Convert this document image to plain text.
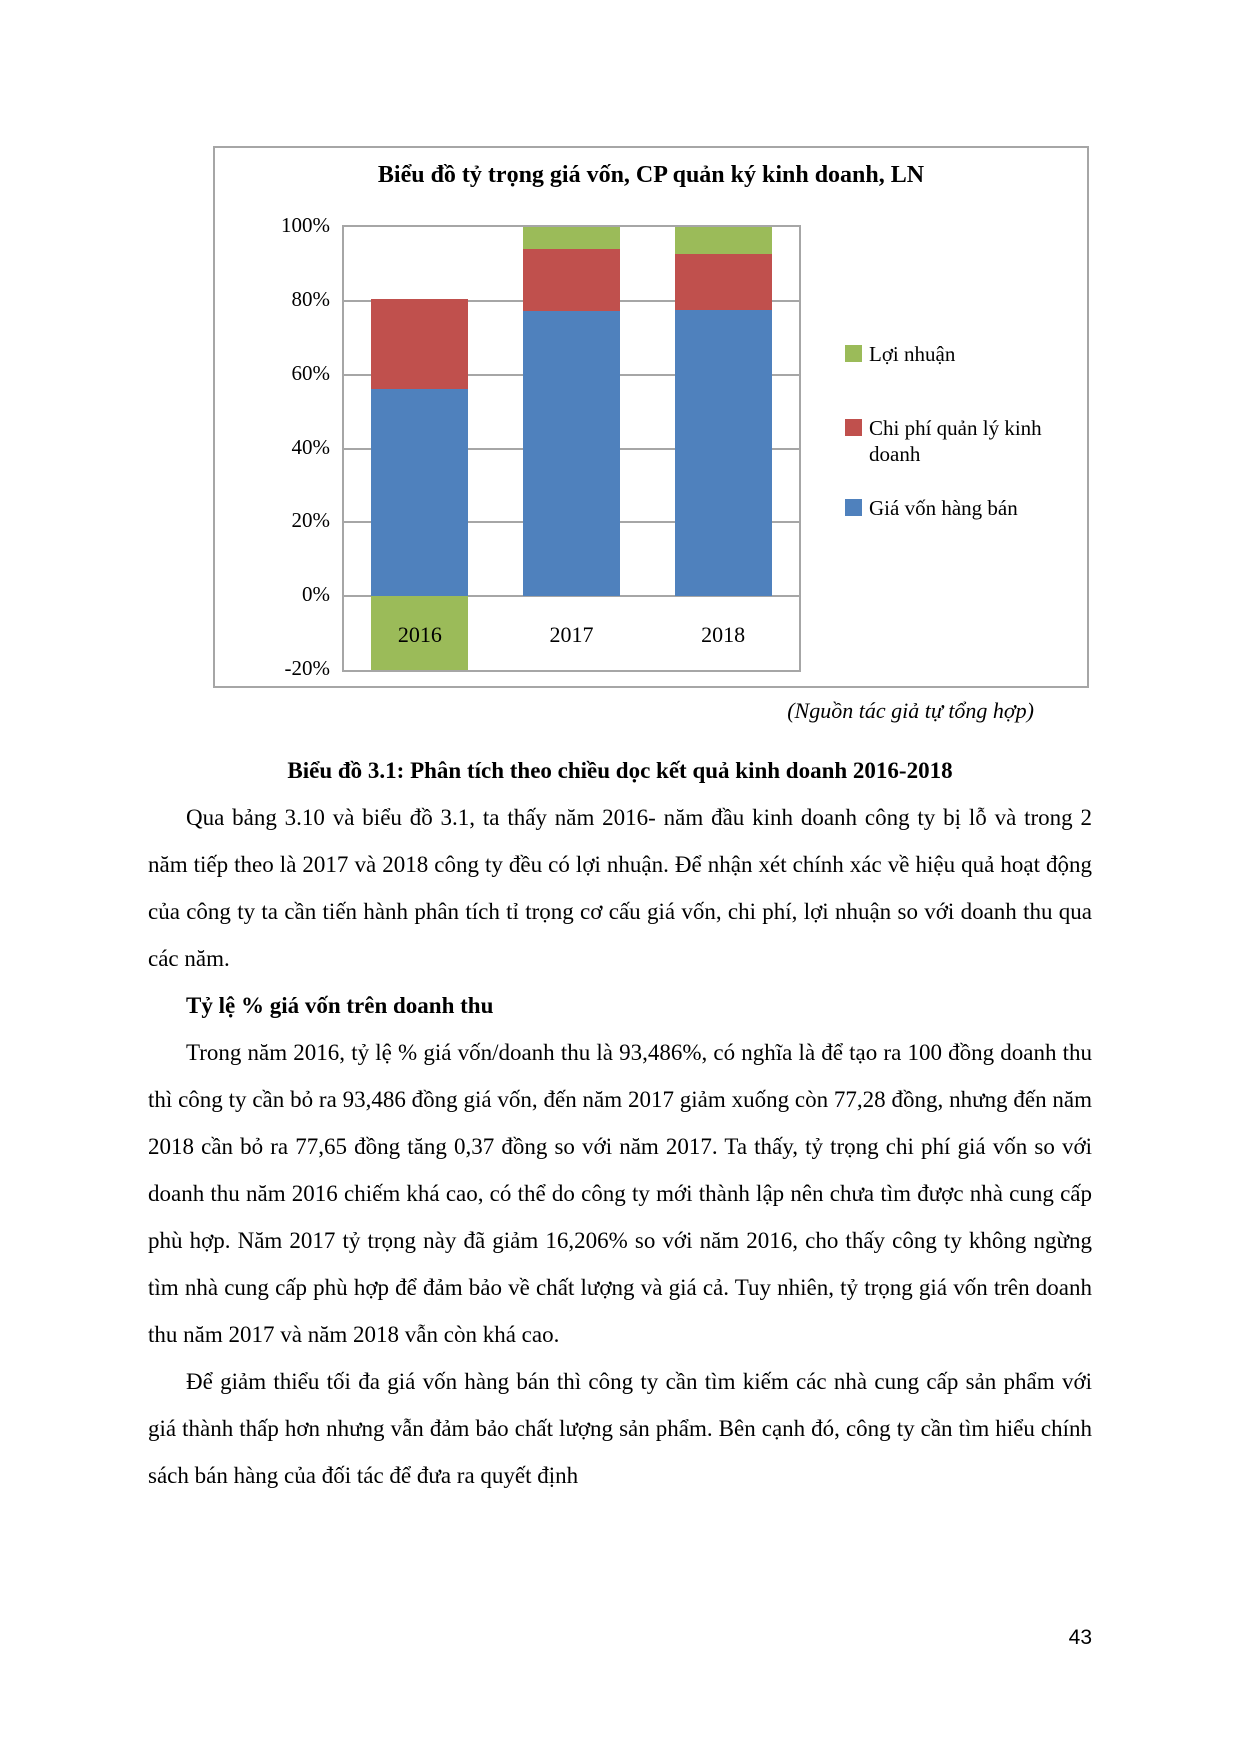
Biểu đồ tỷ trọng giá vốn, CP quản ký kinh doanh, LN
2016	2017	2018
100%
80%
60%
40%
20%
0%
-20%
Lợi nhuận
Chi phí quản lý kinh doanh
Giá vốn hàng bán
(Nguồn tác giả tự tổng hợp)

Biểu đồ 3.1: Phân tích theo chiều dọc kết quả kinh doanh 2016-2018

Qua bảng 3.10 và biểu đồ 3.1, ta thấy năm 2016- năm đầu kinh doanh công ty bị lỗ và trong 2 năm tiếp theo là 2017 và 2018 công ty đều có lợi nhuận. Để nhận xét chính xác về hiệu quả hoạt động của công ty ta cần tiến hành phân tích tỉ trọng cơ cấu giá vốn, chi phí, lợi nhuận so với doanh thu qua các năm.

Tỷ lệ % giá vốn trên doanh thu

Trong năm 2016, tỷ lệ % giá vốn/doanh thu là 93,486%, có nghĩa là để tạo ra 100 đồng doanh thu thì công ty cần bỏ ra 93,486 đồng giá vốn, đến năm 2017 giảm xuống còn 77,28 đồng, nhưng đến năm 2018 cần bỏ ra 77,65 đồng tăng 0,37 đồng so với năm 2017. Ta thấy, tỷ trọng chi phí giá vốn so với doanh thu năm 2016 chiếm khá cao, có thể do công ty mới thành lập nên chưa tìm được nhà cung cấp phù hợp. Năm 2017 tỷ trọng này đã giảm 16,206% so với năm 2016, cho thấy công ty không ngừng tìm nhà cung cấp phù hợp để đảm bảo về chất lượng và giá cả. Tuy nhiên, tỷ trọng giá vốn trên doanh thu năm 2017 và năm 2018 vẫn còn khá cao.

Để giảm thiểu tối đa giá vốn hàng bán thì công ty cần tìm kiếm các nhà cung cấp sản phẩm với giá thành thấp hơn nhưng vẫn đảm bảo chất lượng sản phẩm. Bên cạnh đó, công ty cần tìm hiểu chính sách bán hàng của đối tác để đưa ra quyết định

43
